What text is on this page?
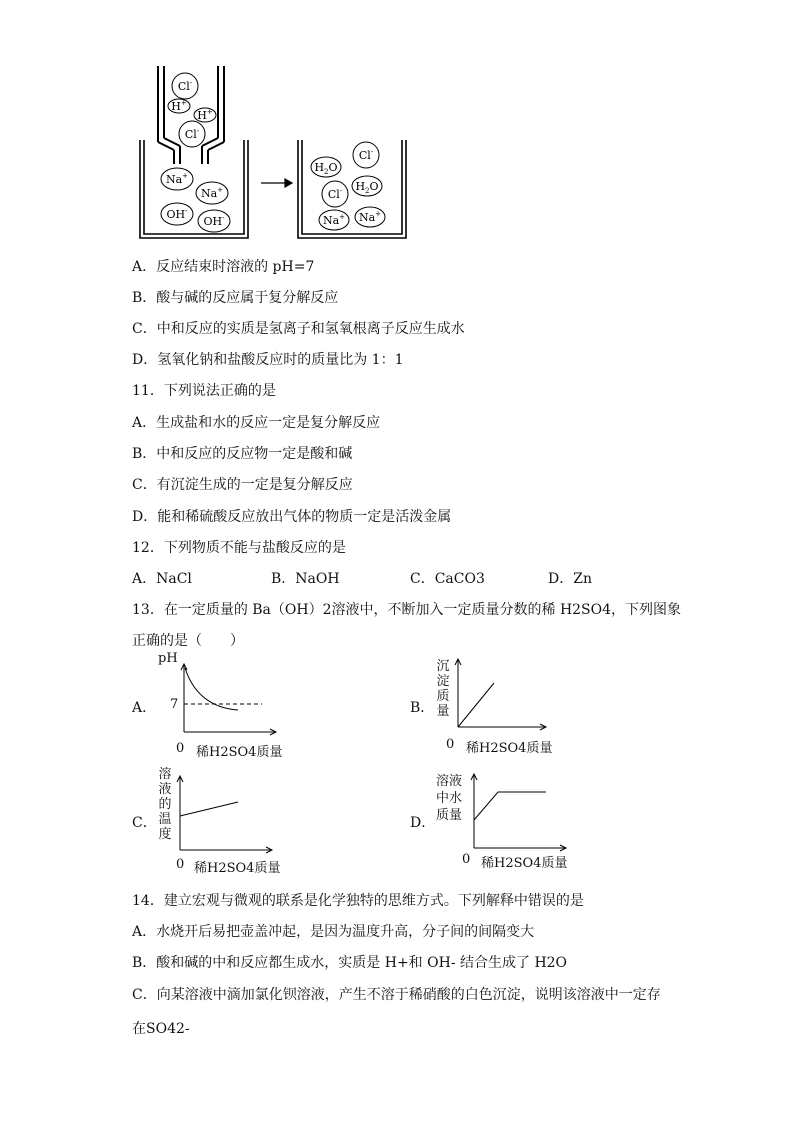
Cl-
H+
H+
Cl-
Na+
Na+
OH-
OH-
$H_2O$
Cl-
Cl- $H_2O$
Na+ Na+
A．反应结束时溶液的 pH=7
B．酸与碱的反应属于复分解反应
C．中和反应的实质是氢离子和氢氧根离子反应生成水
D．氢氧化钠和盐酸反应时的质量比为 1：1
11．下列说法正确的是
A．生成盐和水的反应一定是复分解反应
B．中和反应的反应物一定是酸和碱
C．有沉淀生成的一定是复分解反应
D．能和稀硫酸反应放出气体的物质一定是活泼金属
12．下列物质不能与盐酸反应的是
A．NaCl	B．NaOH	C．CaCO3	D．Zn
13．在一定质量的 Ba（OH）2溶液中，不断加入一定质量分数的稀 H2SO4，下列图象
正确的是（　　）
A．
pH
7
0 稀H2SO4质量
B．
沉淀质量
0 稀H2SO4质量
C．
溶液的温度
0 稀H2SO4质量
D．
溶液中水质量
0 稀H2SO4质量
14．建立宏观与微观的联系是化学独特的思维方式。下列解释中错误的是
A．水烧开后易把壶盖冲起，是因为温度升高，分子间的间隔变大
B．酸和碱的中和反应都生成水，实质是 H+和 OH- 结合生成了 H2O
C．向某溶液中滴加氯化钡溶液，产生不溶于稀硝酸的白色沉淀，说明该溶液中一定存
在SO42-
